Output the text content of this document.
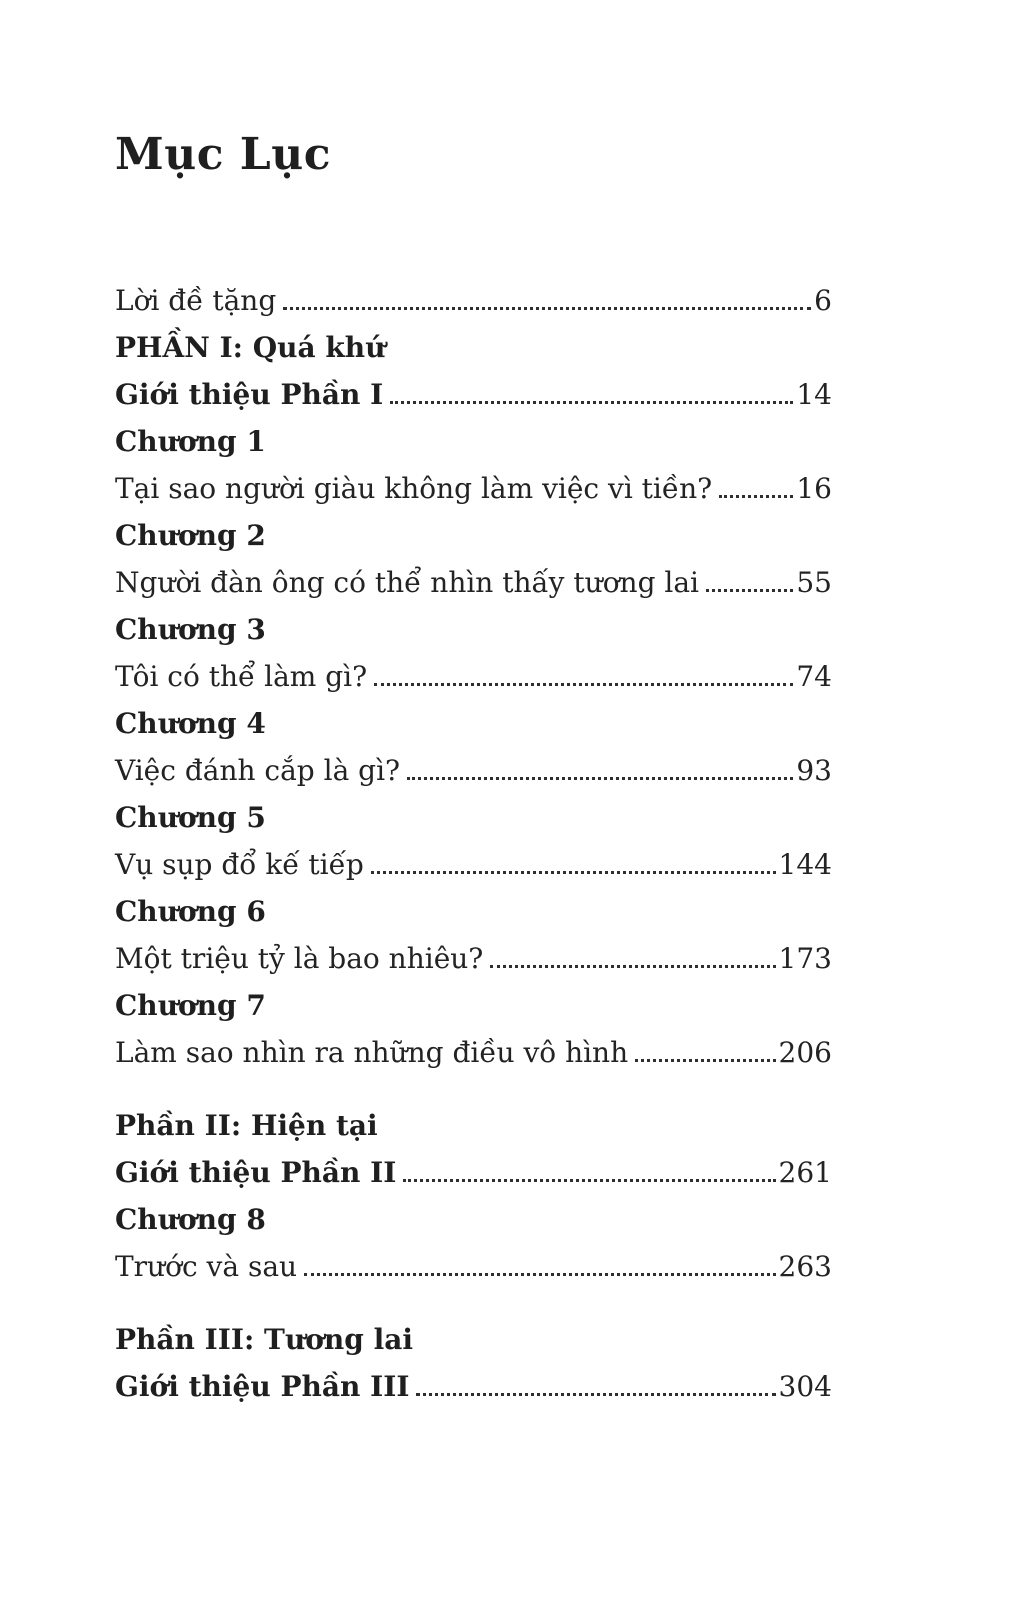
Mục Lục
Lời đề tặng	6
PHẦN I: Quá khứ
Giới thiệu Phần I	14
Chương 1
Tại sao người giàu không làm việc vì tiền?	16
Chương 2
Người đàn ông có thể nhìn thấy tương lai	55
Chương 3
Tôi có thể làm gì?	74
Chương 4
Việc đánh cắp là gì?	93
Chương 5
Vụ sụp đổ kế tiếp	144
Chương 6
Một triệu tỷ là bao nhiêu?	173
Chương 7
Làm sao nhìn ra những điều vô hình	206
Phần II: Hiện tại
Giới thiệu Phần II	261
Chương 8
Trước và sau	263
Phần III: Tương lai
Giới thiệu Phần III	304
